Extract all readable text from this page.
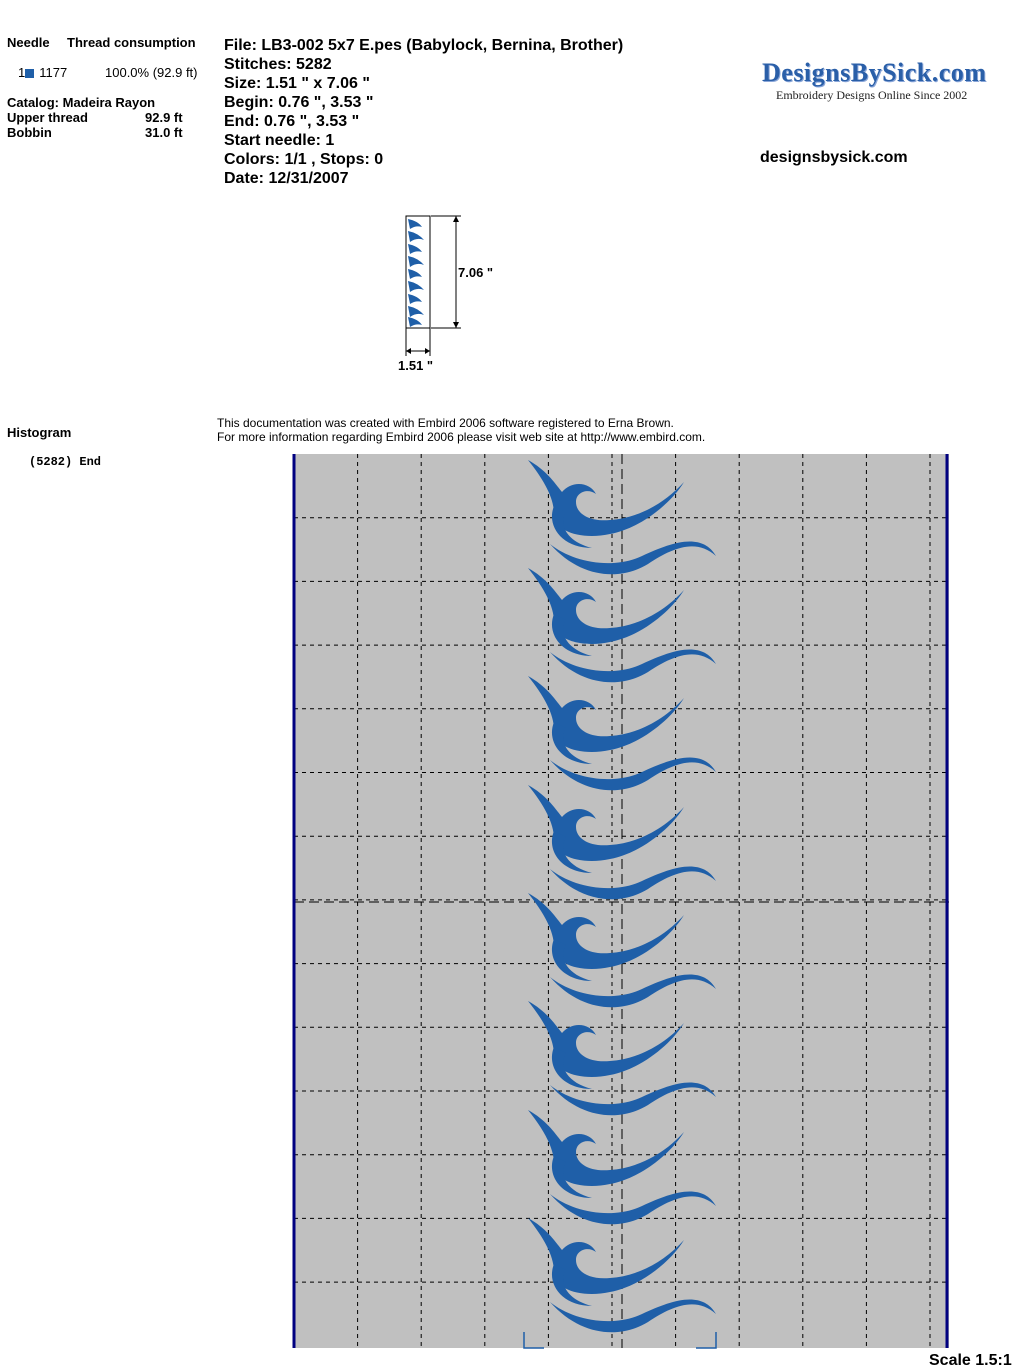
Needle Thread consumption
1 1177	100.0% (92.9 ft)
Catalog: Madeira Rayon
Upper thread	92.9 ft
Bobbin	31.0 ft
File: LB3-002 5x7 E.pes (Babylock, Bernina, Brother)
Stitches: 5282
Size: 1.51 " x 7.06 "
Begin: 0.76 ", 3.53 "
End: 0.76 ", 3.53 "
Start needle: 1
Colors: 1/1 , Stops: 0
Date: 12/31/2007
DesignsBySick.com
Embroidery Designs Online Since 2002
designsbysick.com
7.06 "
1.51 "
Histogram
(5282) End
This documentation was created with Embird 2006 software registered to Erna Brown.
For more information regarding Embird 2006 please visit web site at http://www.embird.com.
Scale 1.5:1
